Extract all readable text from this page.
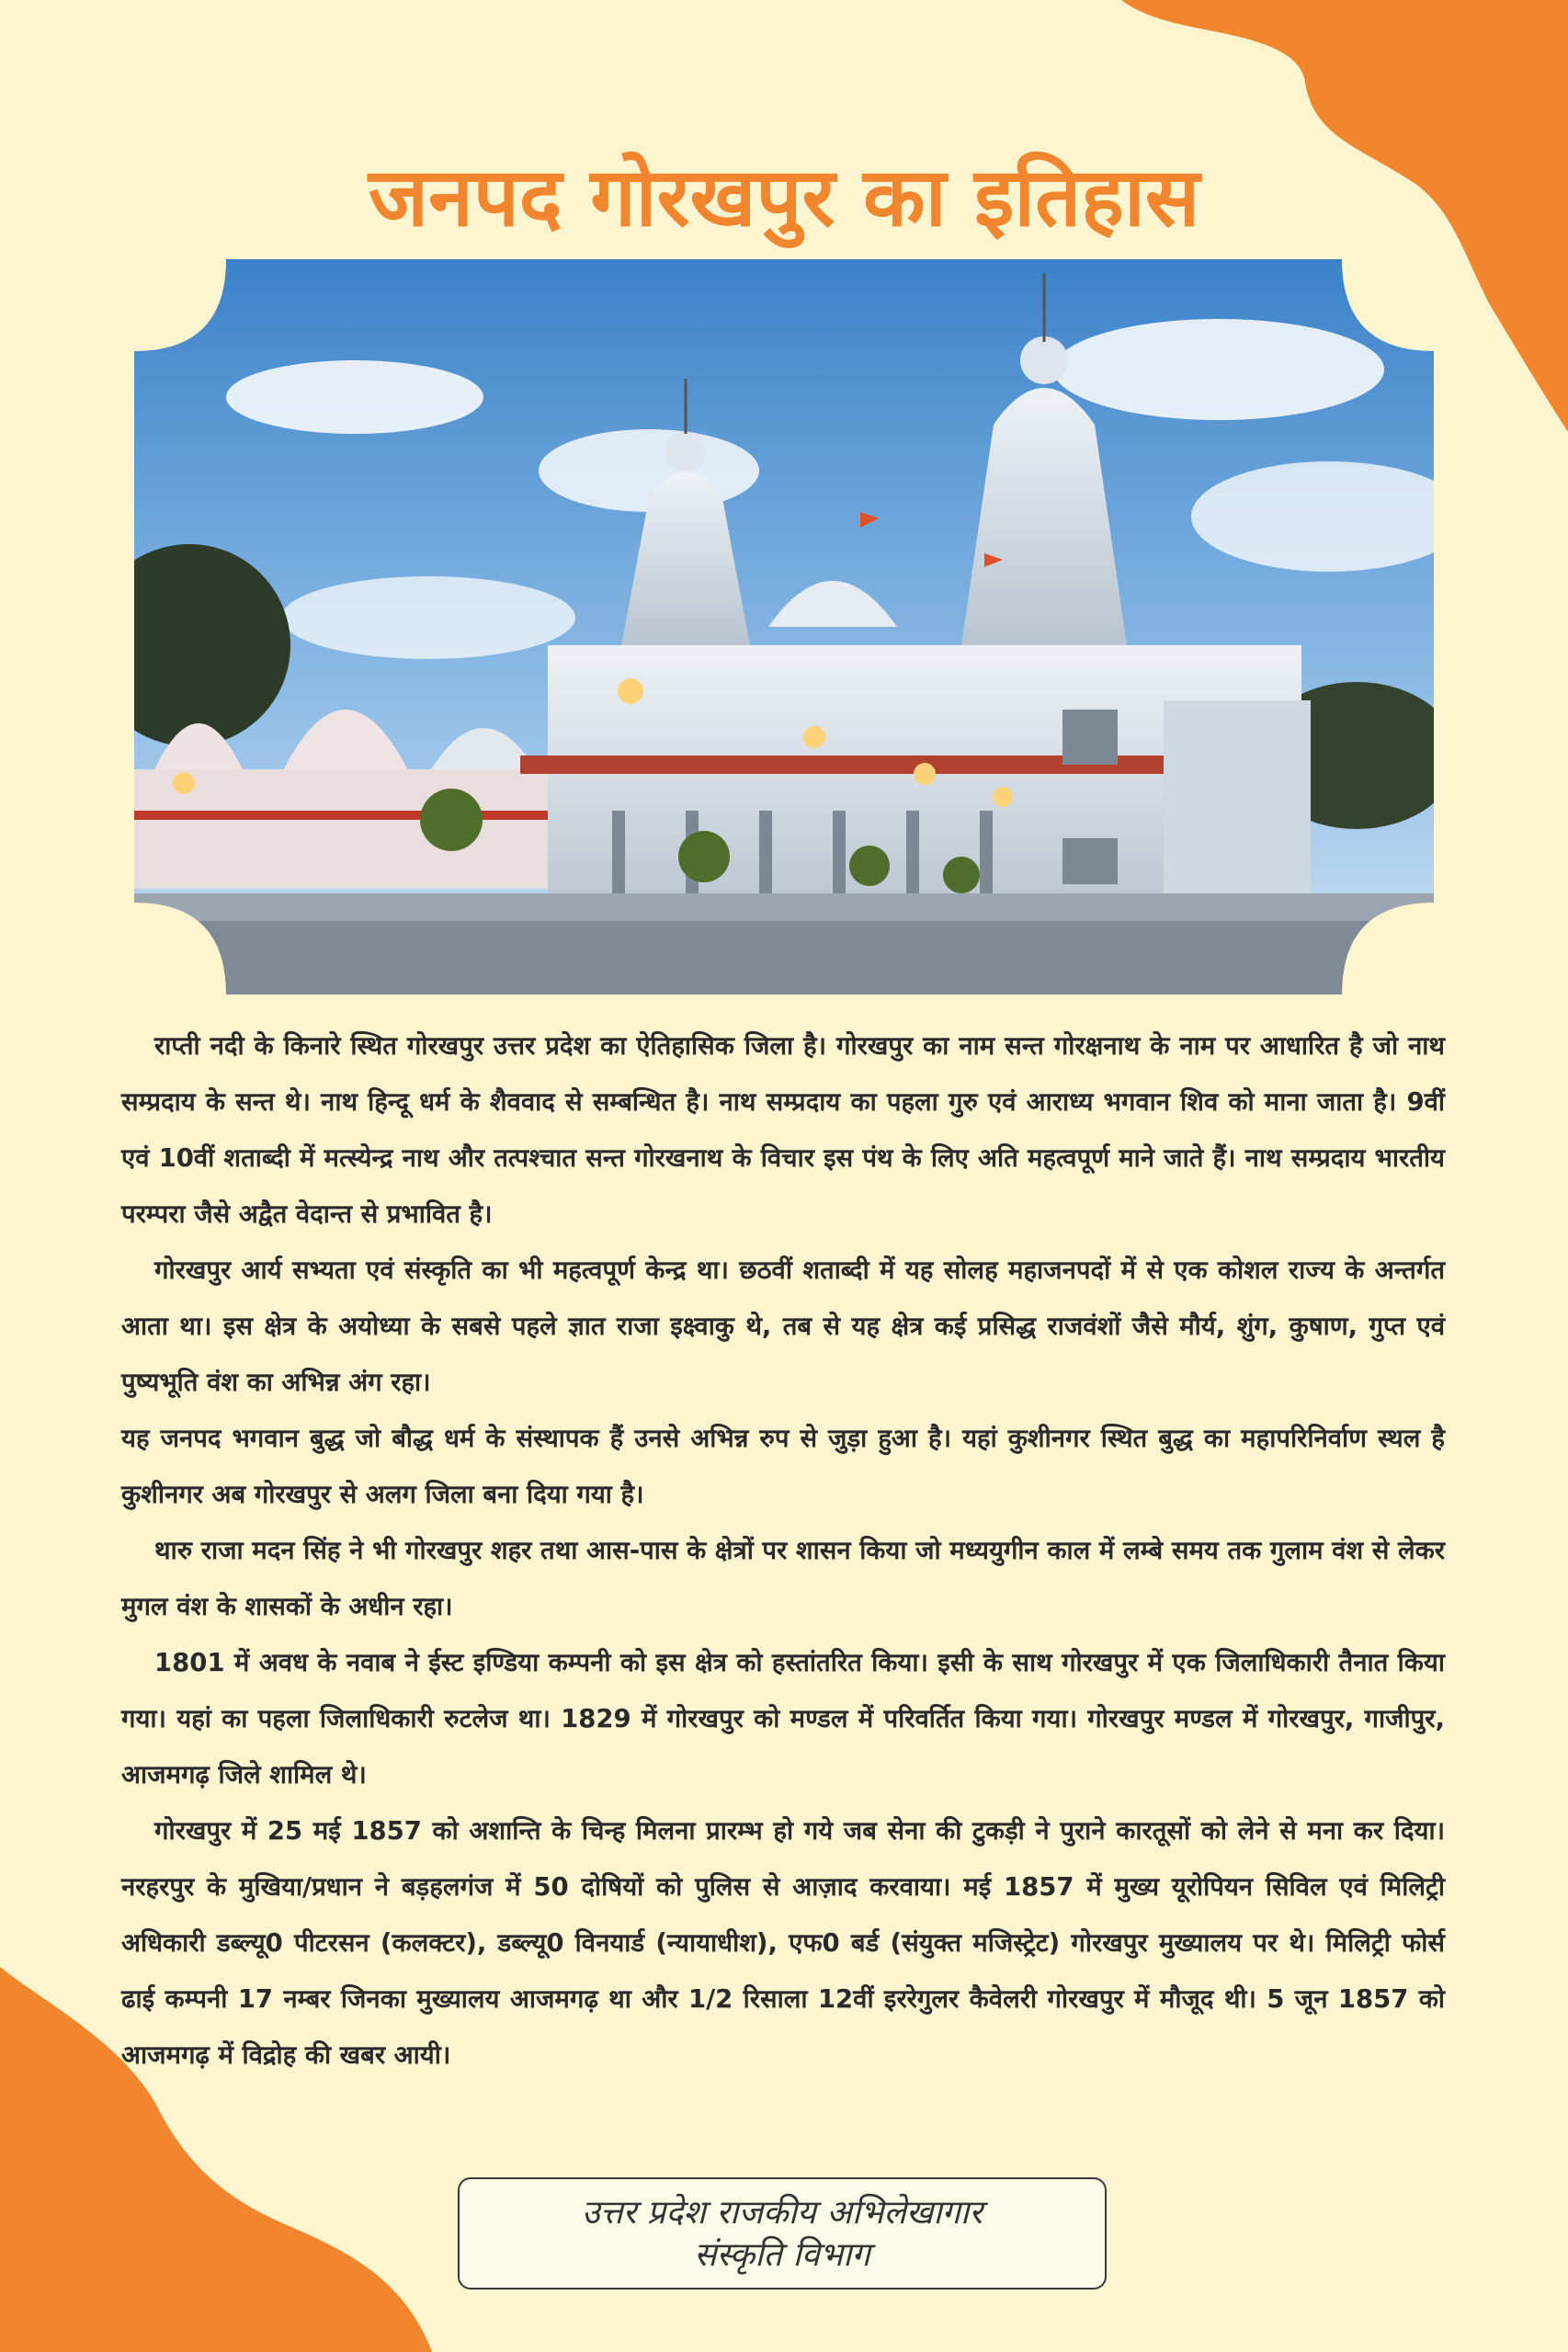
जनपद गोरखपुर का इतिहास

राप्ती नदी के किनारे स्थित गोरखपुर उत्तर प्रदेश का ऐतिहासिक जिला है। गोरखपुर का नाम सन्त गोरक्षनाथ के नाम पर आधारित है जो नाथ सम्प्रदाय के सन्त थे। नाथ हिन्दू धर्म के शैववाद से सम्बन्धित है। नाथ सम्प्रदाय का पहला गुरु एवं आराध्य भगवान शिव को माना जाता है। 9वीं एवं 10वीं शताब्दी में मत्स्येन्द्र नाथ और तत्पश्चात सन्त गोरखनाथ के विचार इस पंथ के लिए अति महत्वपूर्ण माने जाते हैं। नाथ सम्प्रदाय भारतीय परम्परा जैसे अद्वैत वेदान्त से प्रभावित है।

गोरखपुर आर्य सभ्यता एवं संस्कृति का भी महत्वपूर्ण केन्द्र था। छठवीं शताब्दी में यह सोलह महाजनपदों में से एक कोशल राज्य के अन्तर्गत आता था। इस क्षेत्र के अयोध्या के सबसे पहले ज्ञात राजा इक्ष्वाकु थे, तब से यह क्षेत्र कई प्रसिद्ध राजवंशों जैसे मौर्य, शुंग, कुषाण, गुप्त एवं पुष्यभूति वंश का अभिन्न अंग रहा।

यह जनपद भगवान बुद्ध जो बौद्ध धर्म के संस्थापक हैं उनसे अभिन्न रुप से जुड़ा हुआ है। यहां कुशीनगर स्थित बुद्ध का महापरिनिर्वाण स्थल है कुशीनगर अब गोरखपुर से अलग जिला बना दिया गया है।

थारु राजा मदन सिंह ने भी गोरखपुर शहर तथा आस-पास के क्षेत्रों पर शासन किया जो मध्ययुगीन काल में लम्बे समय तक गुलाम वंश से लेकर मुगल वंश के शासकों के अधीन रहा।

1801 में अवध के नवाब ने ईस्ट इण्डिया कम्पनी को इस क्षेत्र को हस्तांतरित किया। इसी के साथ गोरखपुर में एक जिलाधिकारी तैनात किया गया। यहां का पहला जिलाधिकारी रुटलेज था। 1829 में गोरखपुर को मण्डल में परिवर्तित किया गया। गोरखपुर मण्डल में गोरखपुर, गाजीपुर, आजमगढ़ जिले शामिल थे।

गोरखपुर में 25 मई 1857 को अशान्ति के चिन्ह मिलना प्रारम्भ हो गये जब सेना की टुकड़ी ने पुराने कारतूसों को लेने से मना कर दिया। नरहरपुर के मुखिया/प्रधान ने बड़हलगंज में 50 दोषियों को पुलिस से आज़ाद करवाया। मई 1857 में मुख्य यूरोपियन सिविल एवं मिलिट्री अधिकारी डब्ल्यू0 पीटरसन (कलक्टर), डब्ल्यू0 विनयार्ड (न्यायाधीश), एफ0 बर्ड (संयुक्त मजिस्ट्रेट) गोरखपुर मुख्यालय पर थे। मिलिट्री फोर्स ढाई कम्पनी 17 नम्बर जिनका मुख्यालय आजमगढ़ था और 1/2 रिसाला 12वीं इररेगुलर कैवेलरी गोरखपुर में मौजूद थी। 5 जून 1857 को आजमगढ़ में विद्रोह की खबर आयी।

उत्तर प्रदेश राजकीय अभिलेखागार
संस्कृति विभाग
